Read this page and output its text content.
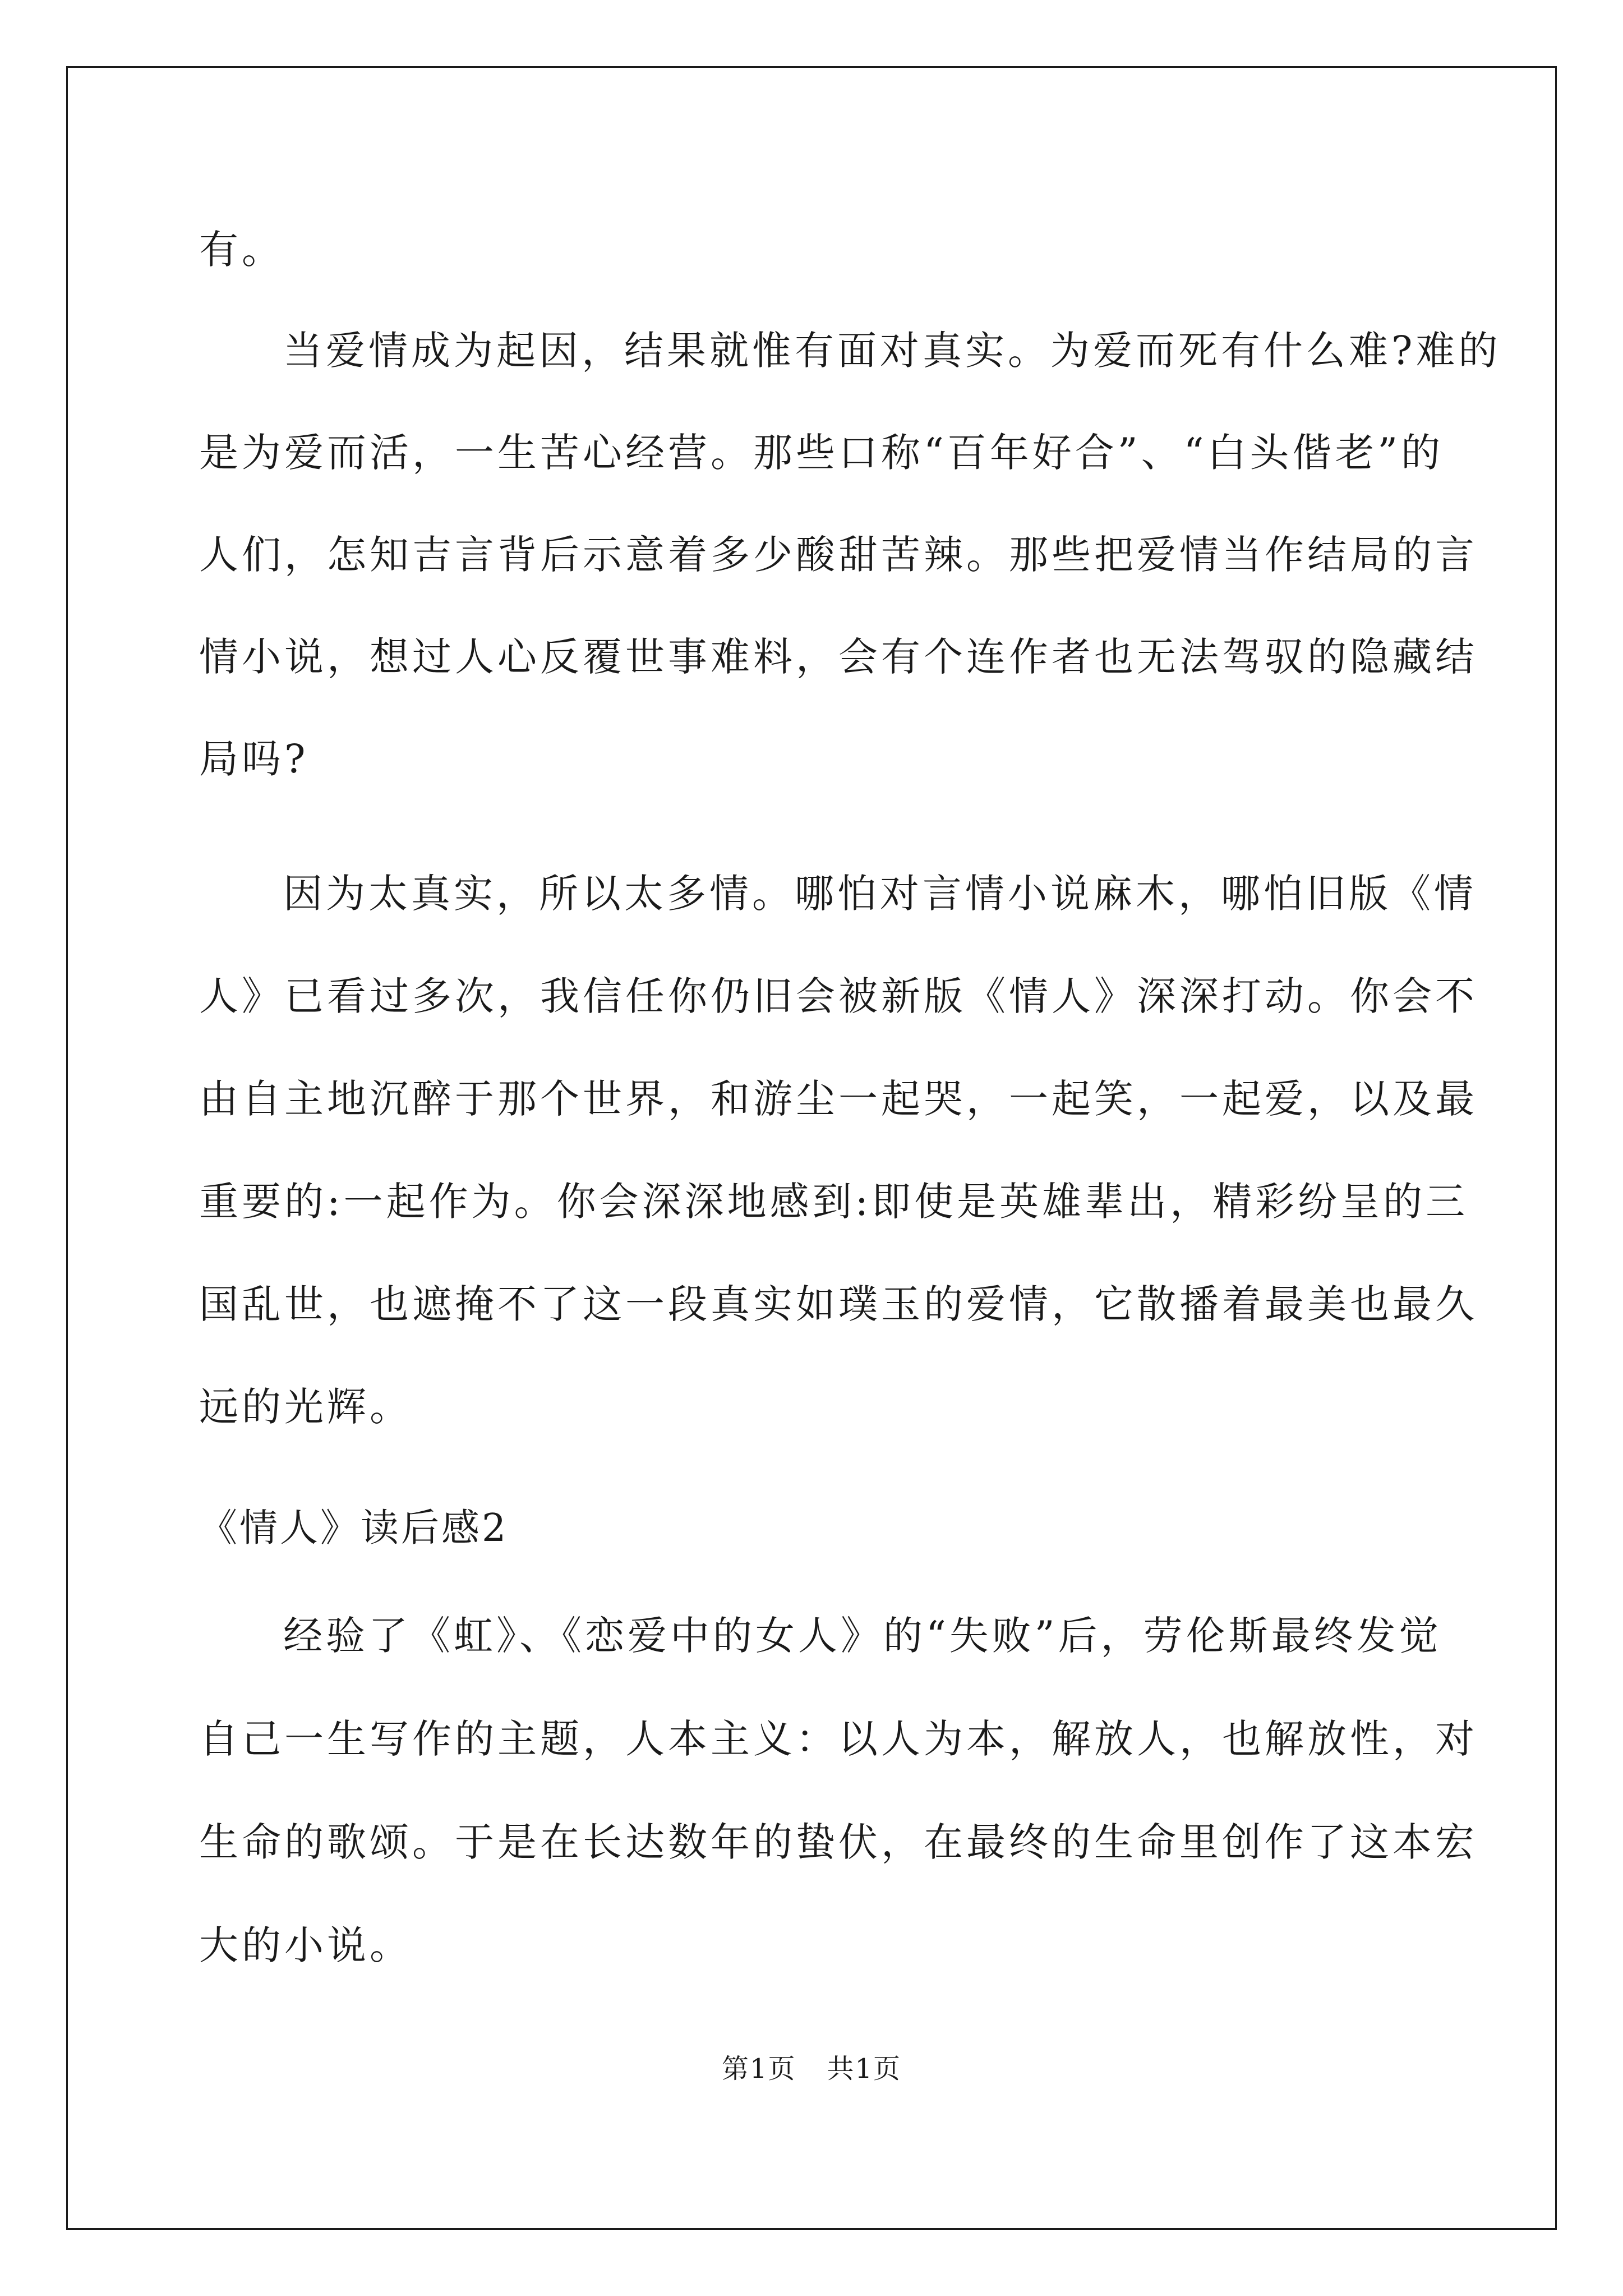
有。
当爱情成为起因，结果就惟有面对真实。为爱而死有什么难?难的
是为爱而活，一生苦心经营。那些口称“百年好合”、“白头偕老”的
人们，怎知吉言背后示意着多少酸甜苦辣。那些把爱情当作结局的言
情小说，想过人心反覆世事难料，会有个连作者也无法驾驭的隐藏结
局吗?
因为太真实，所以太多情。哪怕对言情小说麻木，哪怕旧版《情
人》已看过多次，我信任你仍旧会被新版《情人》深深打动。你会不
由自主地沉醉于那个世界，和游尘一起哭，一起笑，一起爱，以及最
重要的:一起作为。你会深深地感到:即使是英雄辈出，精彩纷呈的三
国乱世，也遮掩不了这一段真实如璞玉的爱情，它散播着最美也最久
远的光辉。
《情人》读后感2
经验了《虹》、《恋爱中的女人》的“失败”后，劳伦斯最终发觉
自己一生写作的主题，人本主义：以人为本，解放人，也解放性，对
生命的歌颂。于是在长达数年的蛰伏，在最终的生命里创作了这本宏
大的小说。
第1页 共1页
